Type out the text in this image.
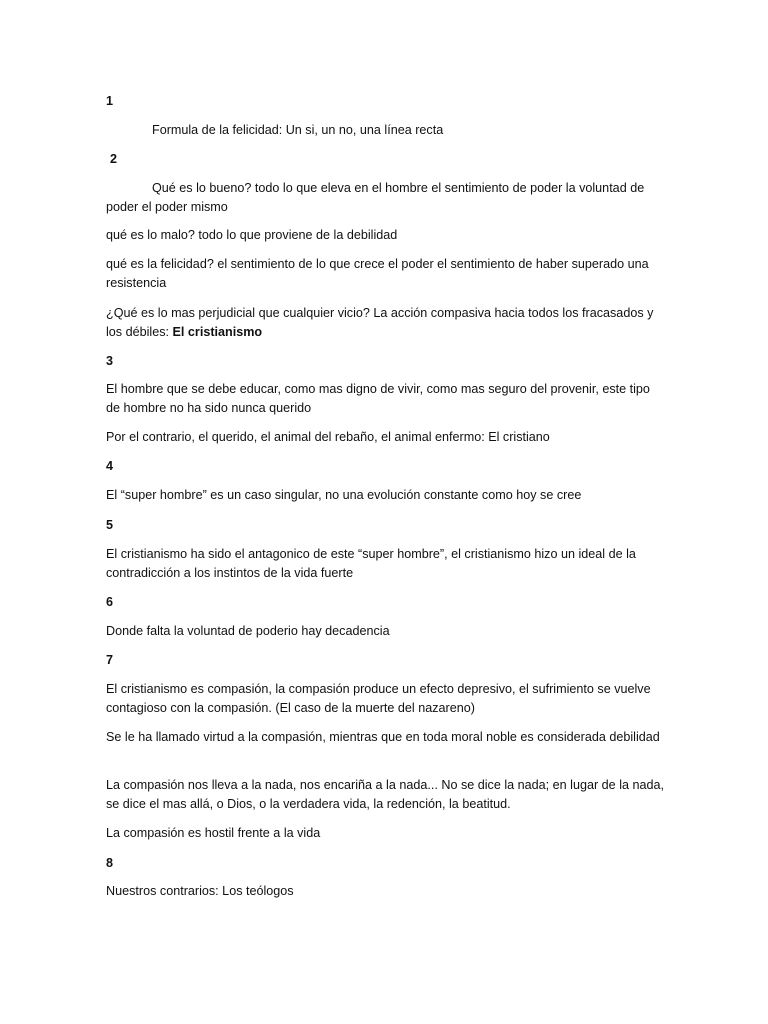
1

Formula de la felicidad: Un si, un no, una línea recta

2

Qué es lo bueno? todo lo que eleva en el hombre el sentimiento de poder la voluntad de poder el poder mismo

qué es lo malo? todo lo que proviene de la debilidad

qué es la felicidad? el sentimiento de lo que crece el poder el sentimiento de haber superado una resistencia

¿Qué es lo mas perjudicial que cualquier vicio? La acción compasiva hacia todos los fracasados y los débiles: El cristianismo

3

El hombre que se debe educar, como mas digno de vivir, como mas seguro del provenir, este tipo de hombre no ha sido nunca querido

Por el contrario, el querido, el animal del rebaño, el animal enfermo: El cristiano

4

El “super hombre” es un caso singular, no una evolución constante como hoy se cree

5

El cristianismo ha sido el antagonico de este “super hombre”, el cristianismo hizo un ideal de la contradicción a los instintos de la vida fuerte

6

Donde falta la voluntad de poderio hay decadencia

7

El cristianismo es compasión, la compasión produce un efecto depresivo, el sufrimiento se vuelve contagioso con la compasión. (El caso de la muerte del nazareno)

Se le ha llamado virtud a la compasión, mientras que en toda moral noble es considerada debilidad

La compasión nos lleva a la nada, nos encariña a la nada... No se dice la nada; en lugar de la nada, se dice el mas allá, o Dios, o la verdadera vida, la redención, la beatitud.

La compasión es hostil frente a la vida

8

Nuestros contrarios: Los teólogos
